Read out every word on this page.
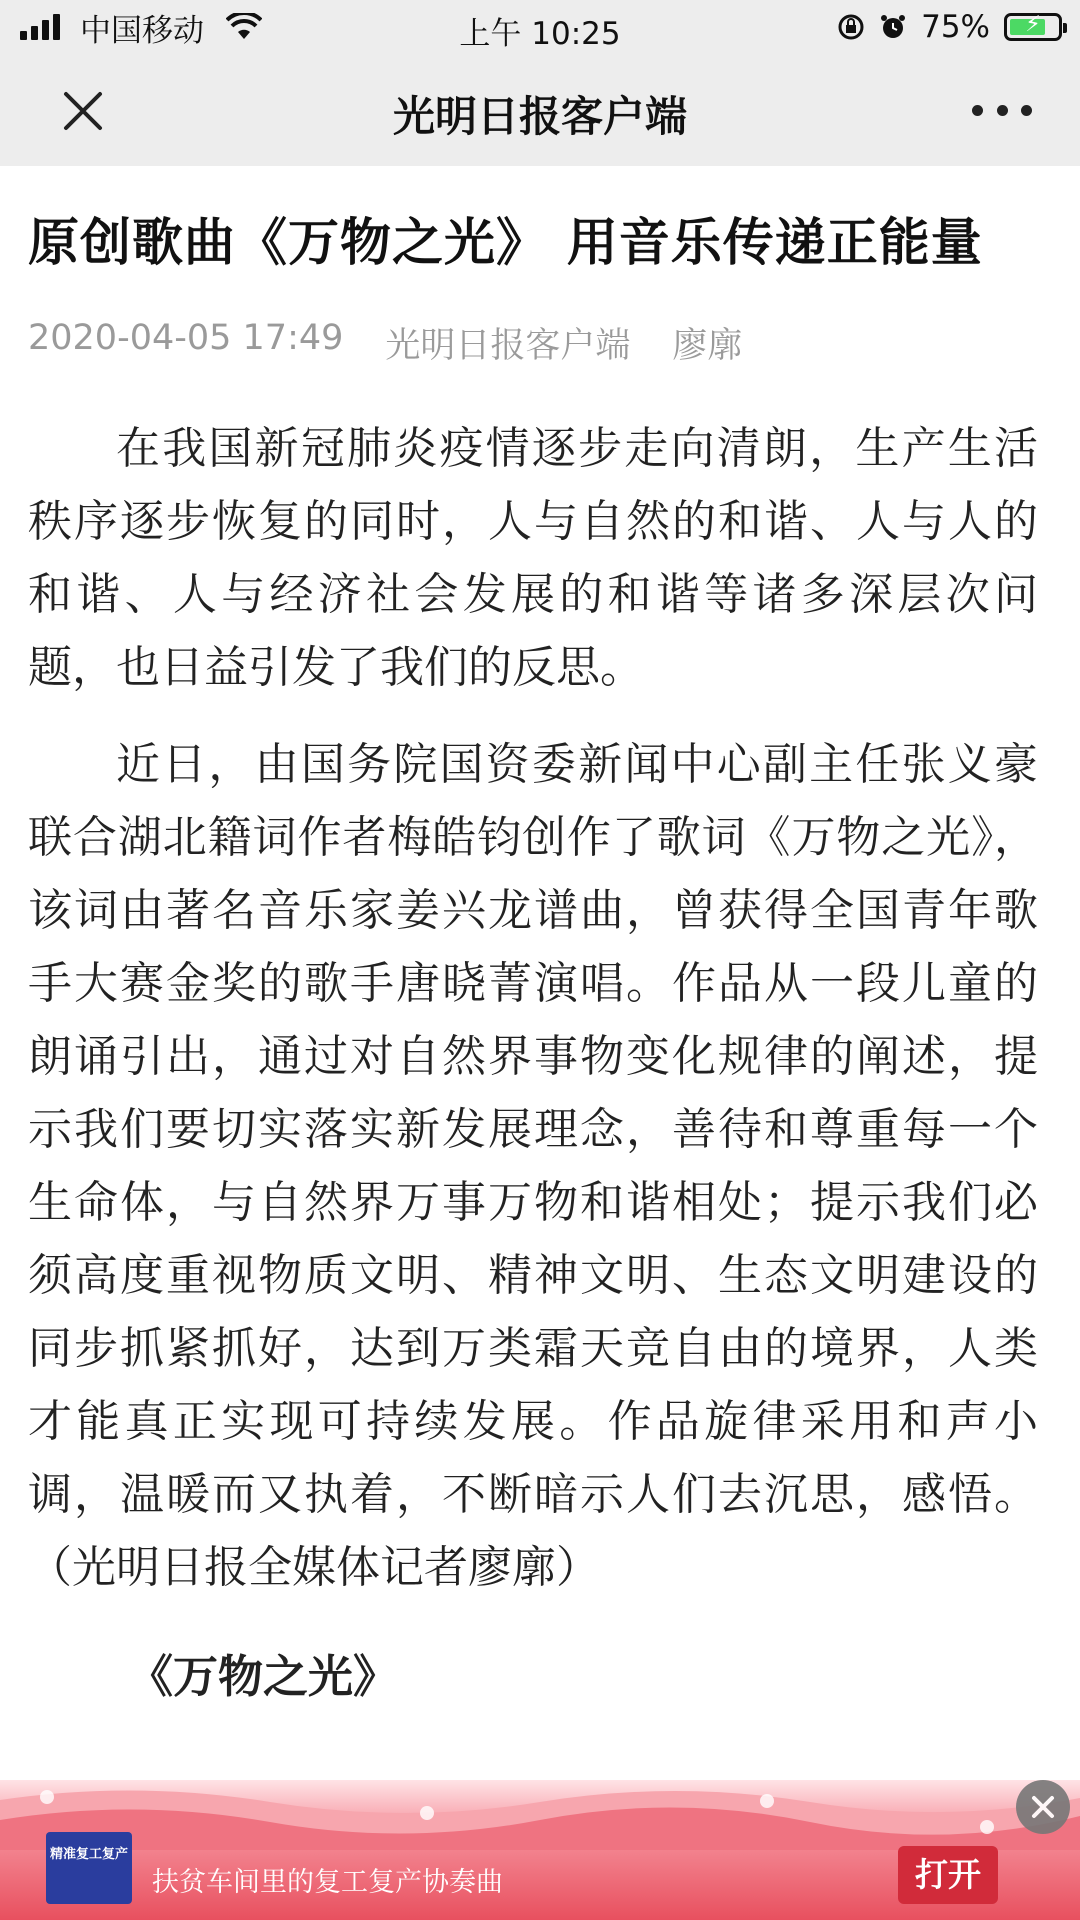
中国移动	上午 10:25	75%	⚡
光明日报客户端
原创歌曲《万物之光》 用音乐传递正能量
2020-04-05 17:49 光明日报客户端 廖廓

在我国新冠肺炎疫情逐步走向清朗，生产生活秩序逐步恢复的同时，人与自然的和谐、人与人的和谐、人与经济社会发展的和谐等诸多深层次问题，也日益引发了我们的反思。

近日，由国务院国资委新闻中心副主任张义豪联合湖北籍词作者梅皓钧创作了歌词《万物之光》，该词由著名音乐家姜兴龙谱曲，曾获得全国青年歌手大赛金奖的歌手唐晓菁演唱。作品从一段儿童的朗诵引出，通过对自然界事物变化规律的阐述，提示我们要切实落实新发展理念，善待和尊重每一个生命体，与自然界万事万物和谐相处；提示我们必须高度重视物质文明、精神文明、生态文明建设的同步抓紧抓好，达到万类霜天竞自由的境界，人类才能真正实现可持续发展。作品旋律采用和声小调，温暖而又执着，不断暗示人们去沉思，感悟。（光明日报全媒体记者廖廓）

《万物之光》
精准复工复产
扶贫车间里的复工复产协奏曲	打开
